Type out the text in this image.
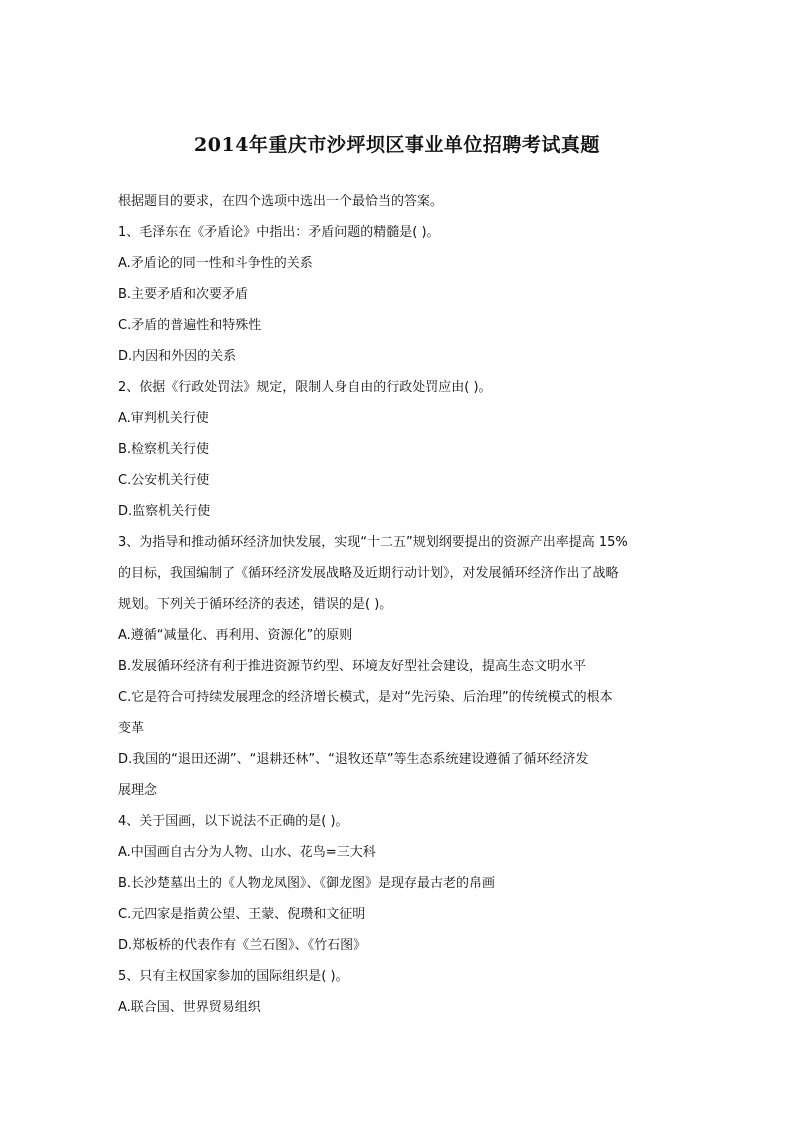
2014年重庆市沙坪坝区事业单位招聘考试真题
根据题目的要求，在四个选项中选出一个最恰当的答案。
1、毛泽东在《矛盾论》中指出：矛盾问题的精髓是( )。
A.矛盾论的同一性和斗争性的关系
B.主要矛盾和次要矛盾
C.矛盾的普遍性和特殊性
D.内因和外因的关系
2、依据《行政处罚法》规定，限制人身自由的行政处罚应由( )。
A.审判机关行使
B.检察机关行使
C.公安机关行使
D.监察机关行使
3、为指导和推动循环经济加快发展，实现“十二五”规划纲要提出的资源产出率提高 15%
的目标，我国编制了《循环经济发展战略及近期行动计划》，对发展循环经济作出了战略
规划。下列关于循环经济的表述，错误的是( )。
A.遵循“减量化、再利用、资源化”的原则
B.发展循环经济有利于推进资源节约型、环境友好型社会建设，提高生态文明水平
C.它是符合可持续发展理念的经济增长模式，是对“先污染、后治理”的传统模式的根本
变革
D.我国的“退田还湖”、“退耕还林”、“退牧还草”等生态系统建设遵循了循环经济发
展理念
4、关于国画，以下说法不正确的是( )。
A.中国画自古分为人物、山水、花鸟=三大科
B.长沙楚墓出土的《人物龙凤图》、《御龙图》是现存最古老的帛画
C.元四家是指黄公望、王蒙、倪瓒和文征明
D.郑板桥的代表作有《兰石图》、《竹石图》
5、只有主权国家参加的国际组织是( )。
A.联合国、世界贸易组织
